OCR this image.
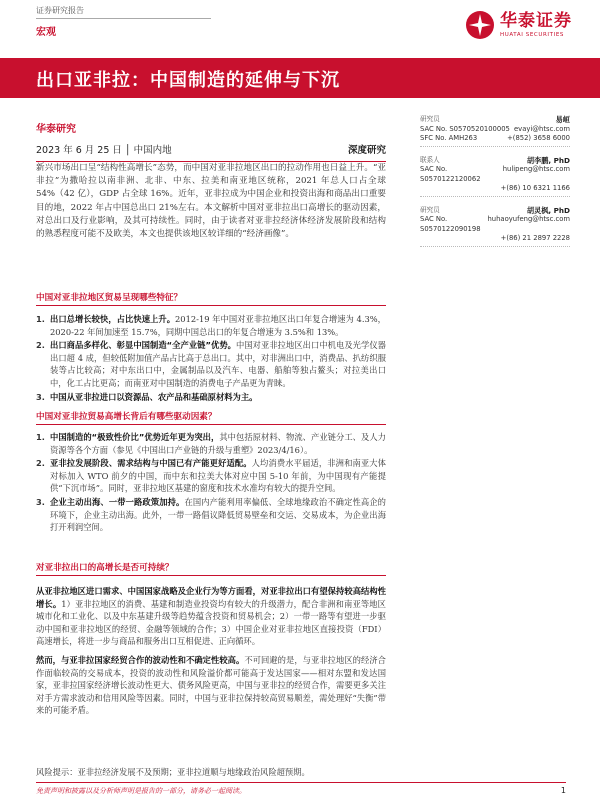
证券研究报告
宏观
华泰证券
HUATAI SECURITIES
出口亚非拉：中国制造的延伸与下沉
华泰研究
2023 年 6 月 25 日 │ 中国内地	深度研究
新兴市场出口呈“结构性高增长”态势，而中国对亚非拉地区出口的拉动作用也日益上升。“亚非拉”为撒哈拉以南非洲、北非、中东、拉美和南亚地区统称，2021 年总人口占全球 54%（42 亿），GDP 占全球 16%。近年，亚非拉成为中国企业和投资出海和商品出口重要目的地，2022 年占中国总出口 21%左右。本文解析中国对亚非拉出口高增长的驱动因素，对总出口及行业影响，及其可持续性。同时，由于读者对亚非拉经济体经济发展阶段和结构的熟悉程度可能不及欧美，本文也提供该地区较详细的“经济画像”。
中国对亚非拉地区贸易呈现哪些特征？
1. 出口总增长较快，占比快速上升。2012-19 年中国对亚非拉地区出口年复合增速为 4.3%，2020-22 年间加速至 15.7%，同期中国总出口的年复合增速为 3.5%和 13%。
2. 出口商品多样化、彰显中国制造“全产业链”优势。中国对亚非拉地区出口中机电及光学仪器出口超 4 成，但较低附加值产品占比高于总出口。其中，对非洲出口中，消费品、扒纺织服装等占比较高；对中东出口中，金属制品以及汽车、电器、船舶等独占鳌头；对拉美出口中，化工占比更高；而南亚对中国制造的消费电子产品更为青睐。
3. 中国从亚非拉进口以资源品、农产品和基础原材料为主。
中国对亚非拉贸易高增长背后有哪些驱动因素？
1. 中国制造的“极致性价比”优势近年更为突出，其中包括原材料、物流、产业链分工、及人力资源等各个方面（参见《中国出口产业链的升级与重塑》2023/4/16）。
2. 亚非拉发展阶段、需求结构与中国已有产能更好适配。人均消费水平届适，非洲和南亚大体对标加入 WTO 前夕的中国，而中东和拉美大体对应中国 5-10 年前，为中国现有产能提供“下沉市场”。同时，亚非拉地区基建的窗度和技术水准均有较大的提升空间。
3. 企业主动出海、一带一路政策加持。在国内产能利用率偏低、全球地缘政治不确定性高企的环境下，企业主动出海。此外，一带一路倡议降低贸易壁垒和交运、交易成本，为企业出海打开利润空间。
对亚非拉出口的高增长是否可持续？

从亚非拉地区进口需求、中国国家战略及企业行为等方面看，对亚非拉出口有望保持较高结构性增长。1）亚非拉地区的消费、基建和制造业投资均有较大的升级潜力，配合非洲和南亚等地区城市化和工业化、以及中东基建升级等趋势蕴含投资和贸易机会；2）一带一路等有望进一步驱动中国和亚非拉地区的经贸、金融等领域的合作；3）中国企业对亚非拉地区直接投资（FDI）高速增长，将进一步与商品和服务出口互相促进、正向循环。

然而，与亚非拉国家经贸合作的波动性和不确定性较高。不可回避的是，与亚非拉地区的经济合作面临较高的交易成本，投资的波动性和风险溢价都可能高于发达国家——相对东盟和发达国家，亚非拉国家经济增长波动性更大、债务风险更高，中国与亚非拉的经贸合作，需要更多关注对手方需求波动和信用风险等因素。同时，中国与亚非拉保持较高贸易顺差，需处理好“失衡”带来的可能矛盾。

风险提示：亚非拉经济发展不及预期；亚非拉道顺与地缘政治风险超预期。
研究员	易峘
SAC No. S0570520100005 evayi@htsc.com
SFC No. AMH263	+(852) 3658 6000
联系人	胡李鹏, PhD
SAC No. S0570122120062
hulipeng@htsc.com
+(86) 10 6321 1166
研究员	胡灵枫, PhD
SAC No. S0570122090198
huhaoyufeng@htsc.com
+(86) 21 2897 2228
免责声明和披露以及分析师声明是报告的一部分，请务必一起阅读。	1
